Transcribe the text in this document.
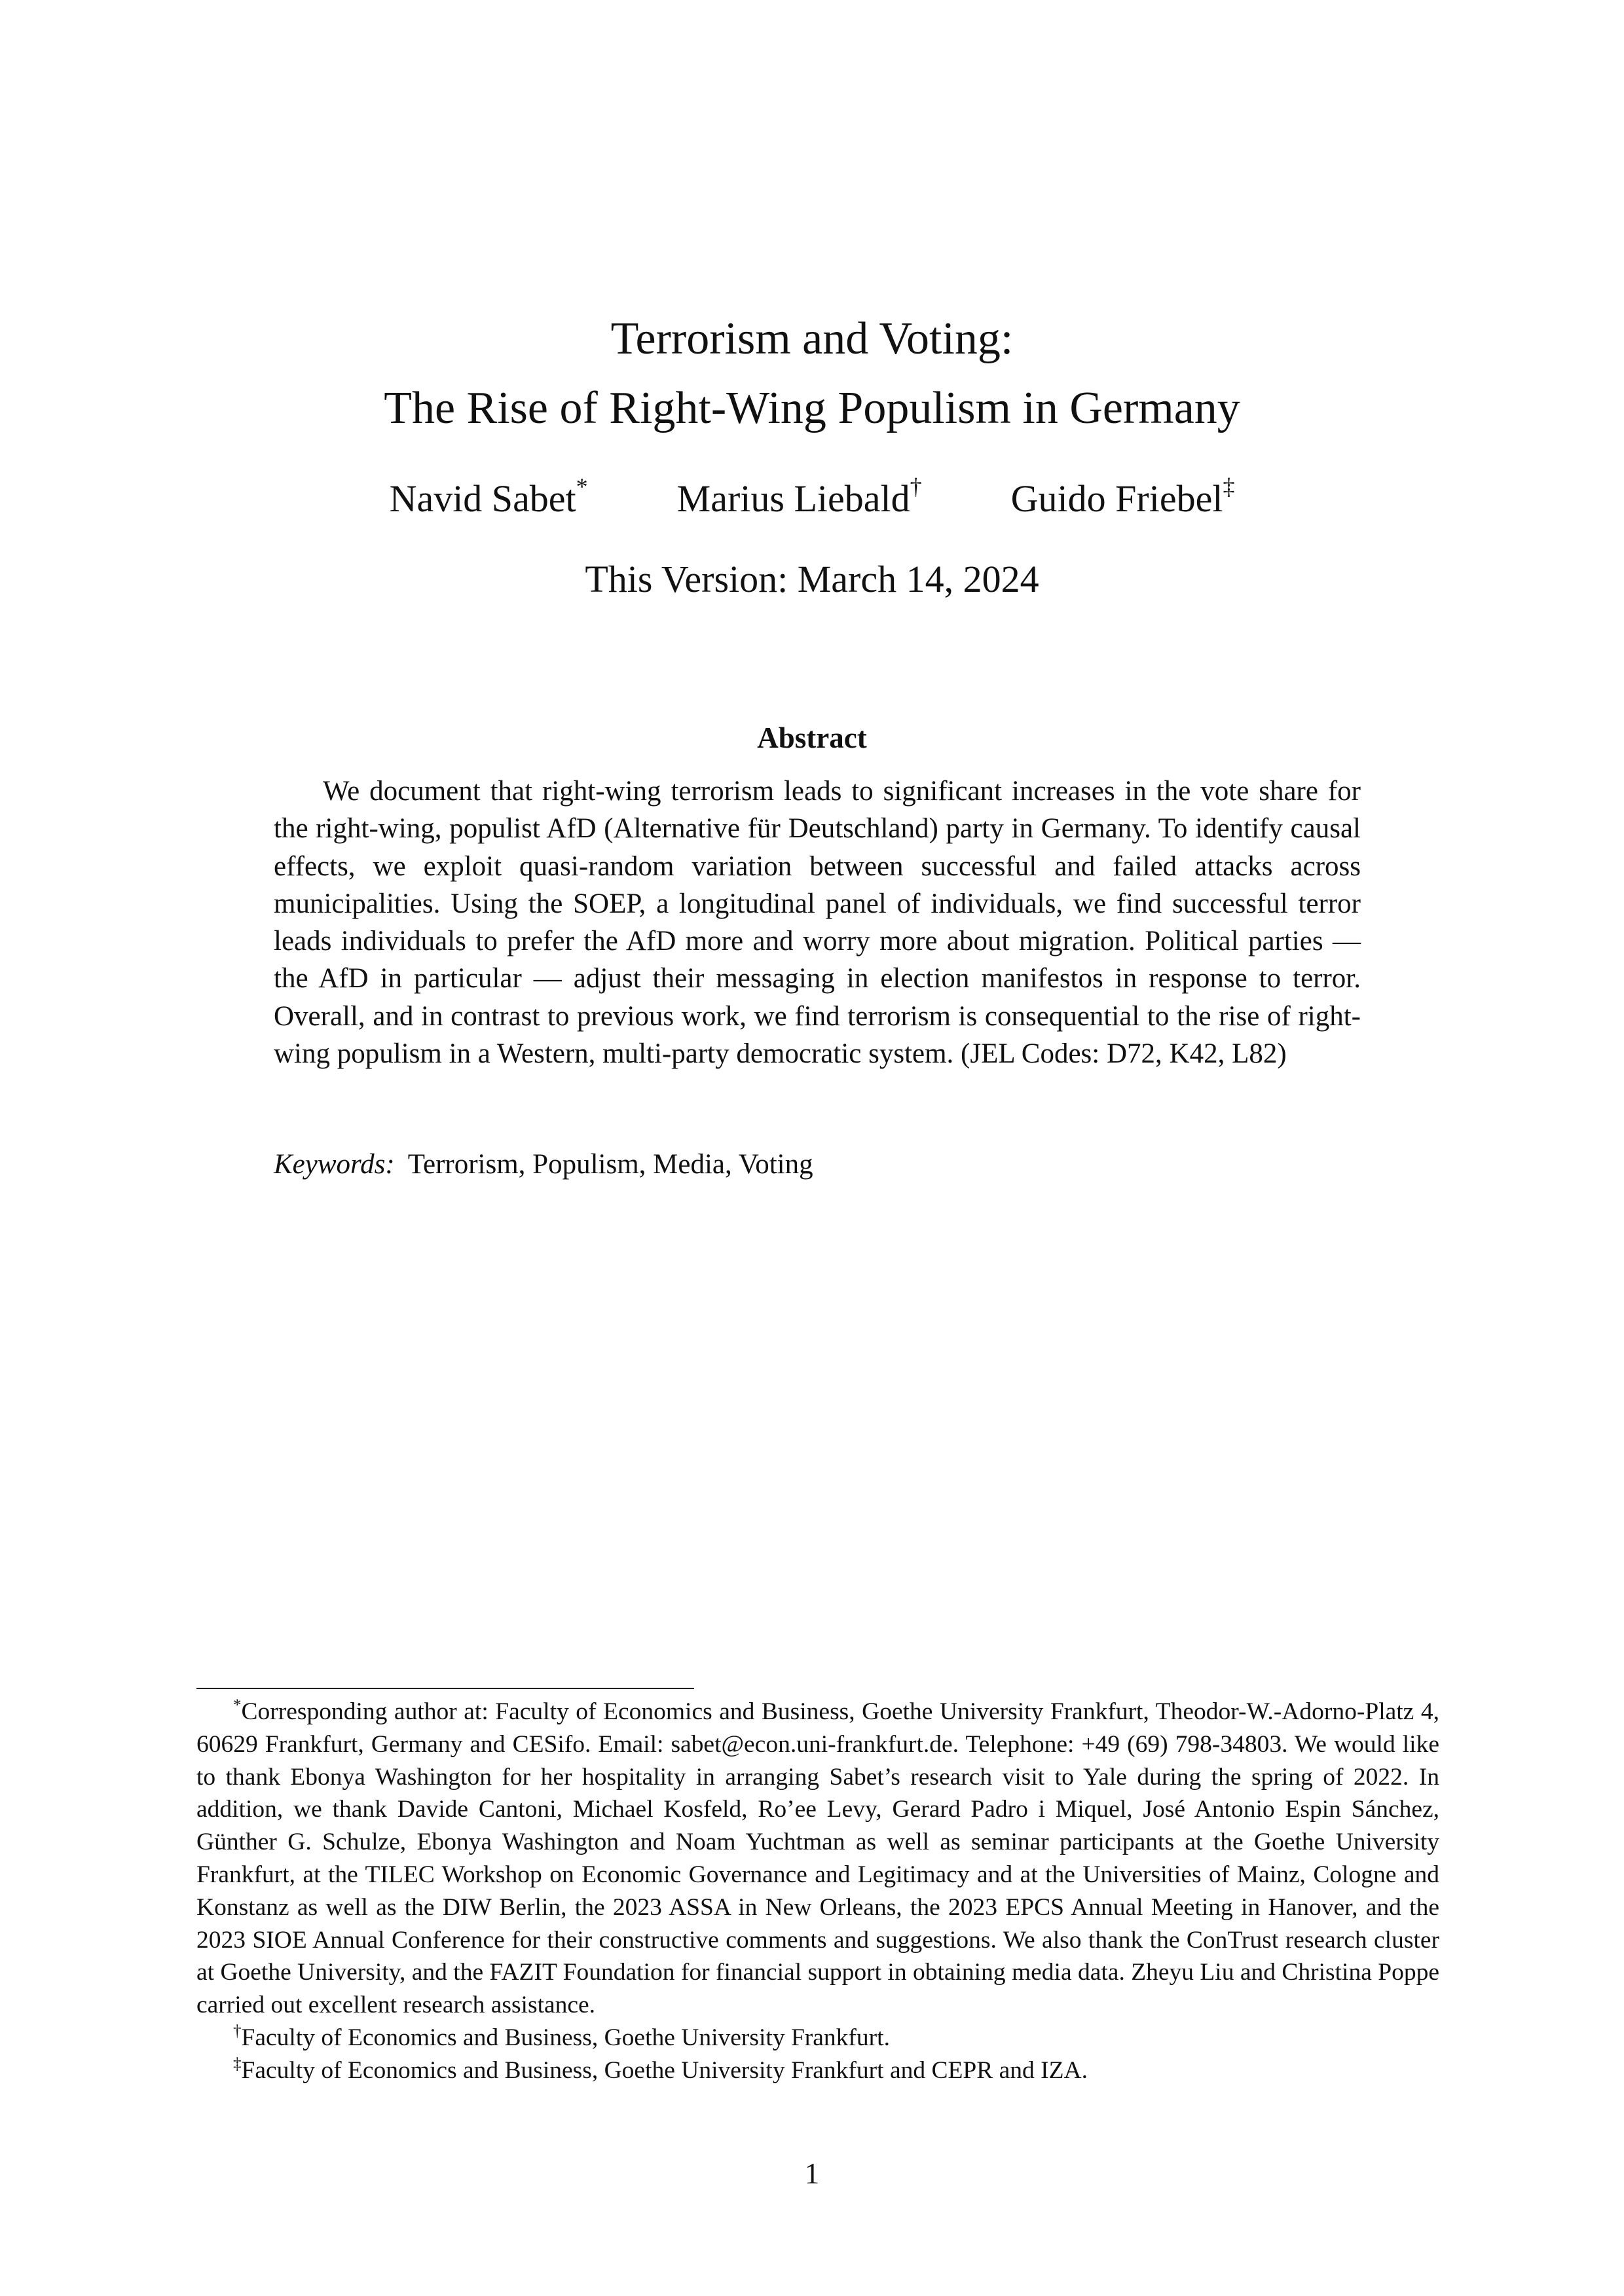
Terrorism and Voting:
The Rise of Right-Wing Populism in Germany
Navid Sabet* Marius Liebald† Guido Friebel‡
This Version: March 14, 2024
Abstract

We document that right-wing terrorism leads to significant increases in the vote share for the right-wing, populist AfD (Alternative für Deutschland) party in Germany. To identify causal effects, we exploit quasi-random variation between successful and failed attacks across municipalities. Using the SOEP, a longitudinal panel of individuals, we find successful terror leads individuals to prefer the AfD more and worry more about migration. Political parties — the AfD in particular — adjust their messaging in election manifestos in response to terror. Overall, and in contrast to previous work, we find terrorism is consequential to the rise of right-wing populism in a Western, multi-party democratic system. (JEL Codes: D72, K42, L82)

Keywords: Terrorism, Populism, Media, Voting

*Corresponding author at: Faculty of Economics and Business, Goethe University Frankfurt, Theodor-W.-Adorno-Platz 4, 60629 Frankfurt, Germany and CESifo. Email: sabet@econ.uni-frankfurt.de. Telephone: +49 (69) 798-34803. We would like to thank Ebonya Washington for her hospitality in arranging Sabet’s research visit to Yale during the spring of 2022. In addition, we thank Davide Cantoni, Michael Kosfeld, Ro’ee Levy, Gerard Padro i Miquel, José Antonio Espin Sánchez, Günther G. Schulze, Ebonya Washington and Noam Yuchtman as well as seminar participants at the Goethe University Frankfurt, at the TILEC Workshop on Economic Governance and Legitimacy and at the Universities of Mainz, Cologne and Konstanz as well as the DIW Berlin, the 2023 ASSA in New Orleans, the 2023 EPCS Annual Meeting in Hanover, and the 2023 SIOE Annual Conference for their constructive comments and suggestions. We also thank the ConTrust research cluster at Goethe University, and the FAZIT Foundation for financial support in obtaining media data. Zheyu Liu and Christina Poppe carried out excellent research assistance.

†Faculty of Economics and Business, Goethe University Frankfurt.

‡Faculty of Economics and Business, Goethe University Frankfurt and CEPR and IZA.

1
